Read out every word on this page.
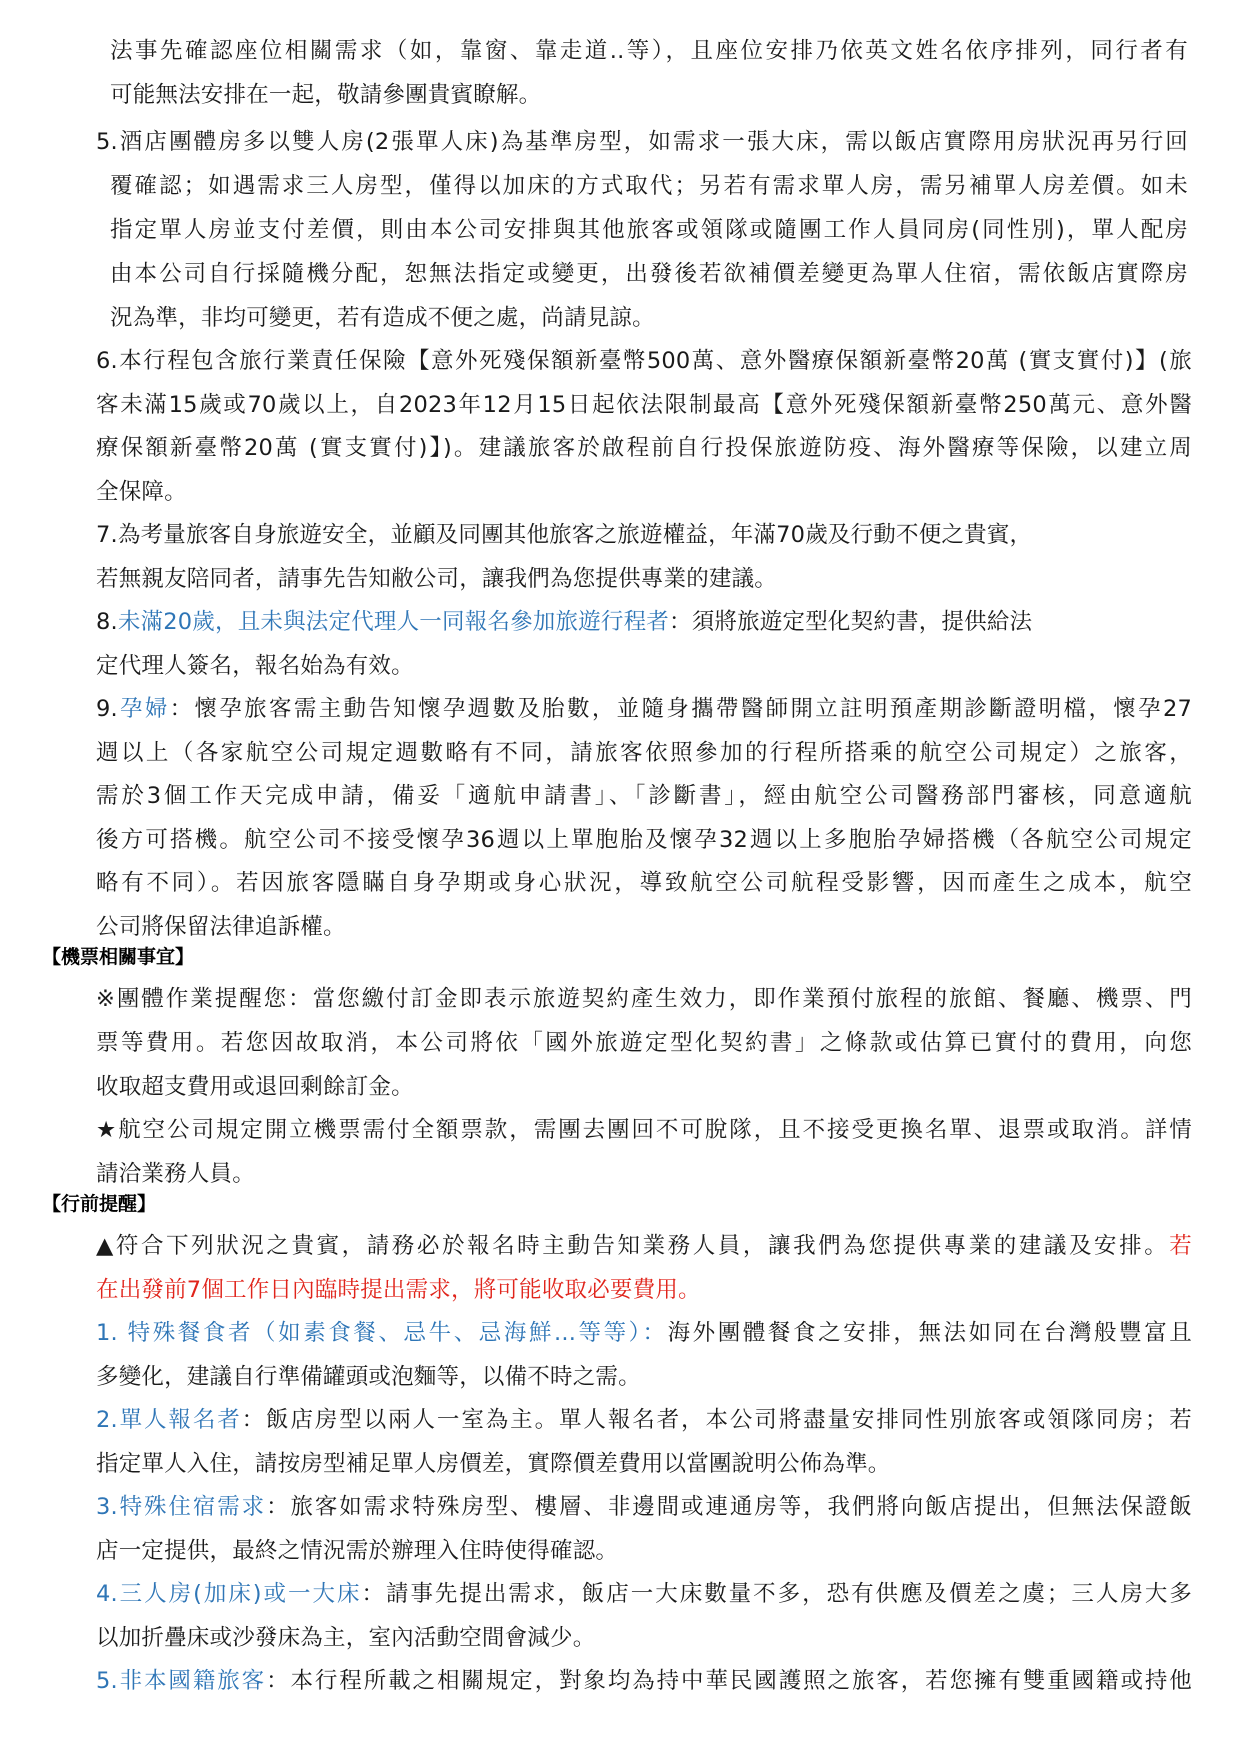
法事先確認座位相關需求（如，靠窗、靠走道..等），且座位安排乃依英文姓名依序排列，同行者有
可能無法安排在一起，敬請參團貴賓瞭解。
5.酒店團體房多以雙人房(2張單人床)為基準房型，如需求一張大床，需以飯店實際用房狀況再另行回
覆確認；如遇需求三人房型，僅得以加床的方式取代；另若有需求單人房，需另補單人房差價。如未
指定單人房並支付差價，則由本公司安排與其他旅客或領隊或隨團工作人員同房(同性別)，單人配房
由本公司自行採隨機分配，恕無法指定或變更，出發後若欲補價差變更為單人住宿，需依飯店實際房
況為準，非均可變更，若有造成不便之處，尚請見諒。
6.本行程包含旅行業責任保險【意外死殘保額新臺幣500萬、意外醫療保額新臺幣20萬 (實支實付)】(旅
客未滿15歲或70歲以上，自2023年12月15日起依法限制最高【意外死殘保額新臺幣250萬元、意外醫
療保額新臺幣20萬 (實支實付)】)。建議旅客於啟程前自行投保旅遊防疫、海外醫療等保險，以建立周
全保障。
7.為考量旅客自身旅遊安全，並顧及同團其他旅客之旅遊權益，年滿70歲及行動不便之貴賓，
若無親友陪同者，請事先告知敝公司，讓我們為您提供專業的建議。
8.未滿20歲，且未與法定代理人一同報名參加旅遊行程者：須將旅遊定型化契約書，提供給法
定代理人簽名，報名始為有效。
9.孕婦：懷孕旅客需主動告知懷孕週數及胎數，並隨身攜帶醫師開立註明預產期診斷證明檔，懷孕27
週以上（各家航空公司規定週數略有不同，請旅客依照參加的行程所搭乘的航空公司規定）之旅客，
需於3個工作天完成申請，備妥「適航申請書」、「診斷書」，經由航空公司醫務部門審核，同意適航
後方可搭機。航空公司不接受懷孕36週以上單胞胎及懷孕32週以上多胞胎孕婦搭機（各航空公司規定
略有不同）。若因旅客隱瞞自身孕期或身心狀況，導致航空公司航程受影響，因而產生之成本，航空
公司將保留法律追訴權。
【機票相關事宜】
※團體作業提醒您：當您繳付訂金即表示旅遊契約產生效力，即作業預付旅程的旅館、餐廳、機票、門
票等費用。若您因故取消，本公司將依「國外旅遊定型化契約書」之條款或估算已實付的費用，向您
收取超支費用或退回剩餘訂金。
★航空公司規定開立機票需付全額票款，需團去團回不可脫隊，且不接受更換名單、退票或取消。詳情
請洽業務人員。
【行前提醒】
▲符合下列狀況之貴賓，請務必於報名時主動告知業務人員，讓我們為您提供專業的建議及安排。若
在出發前7個工作日內臨時提出需求，將可能收取必要費用。
1. 特殊餐食者（如素食餐、忌牛、忌海鮮...等等）：海外團體餐食之安排，無法如同在台灣般豐富且
多變化，建議自行準備罐頭或泡麵等，以備不時之需。
2.單人報名者：飯店房型以兩人一室為主。單人報名者，本公司將盡量安排同性別旅客或領隊同房；若
指定單人入住，請按房型補足單人房價差，實際價差費用以當團說明公佈為準。
3.特殊住宿需求：旅客如需求特殊房型、樓層、非邊間或連通房等，我們將向飯店提出，但無法保證飯
店一定提供，最終之情況需於辦理入住時使得確認。
4.三人房(加床)或一大床：請事先提出需求，飯店一大床數量不多，恐有供應及價差之虞；三人房大多
以加折疊床或沙發床為主，室內活動空間會減少。
5.非本國籍旅客：本行程所載之相關規定，對象均為持中華民國護照之旅客，若您擁有雙重國籍或持他
